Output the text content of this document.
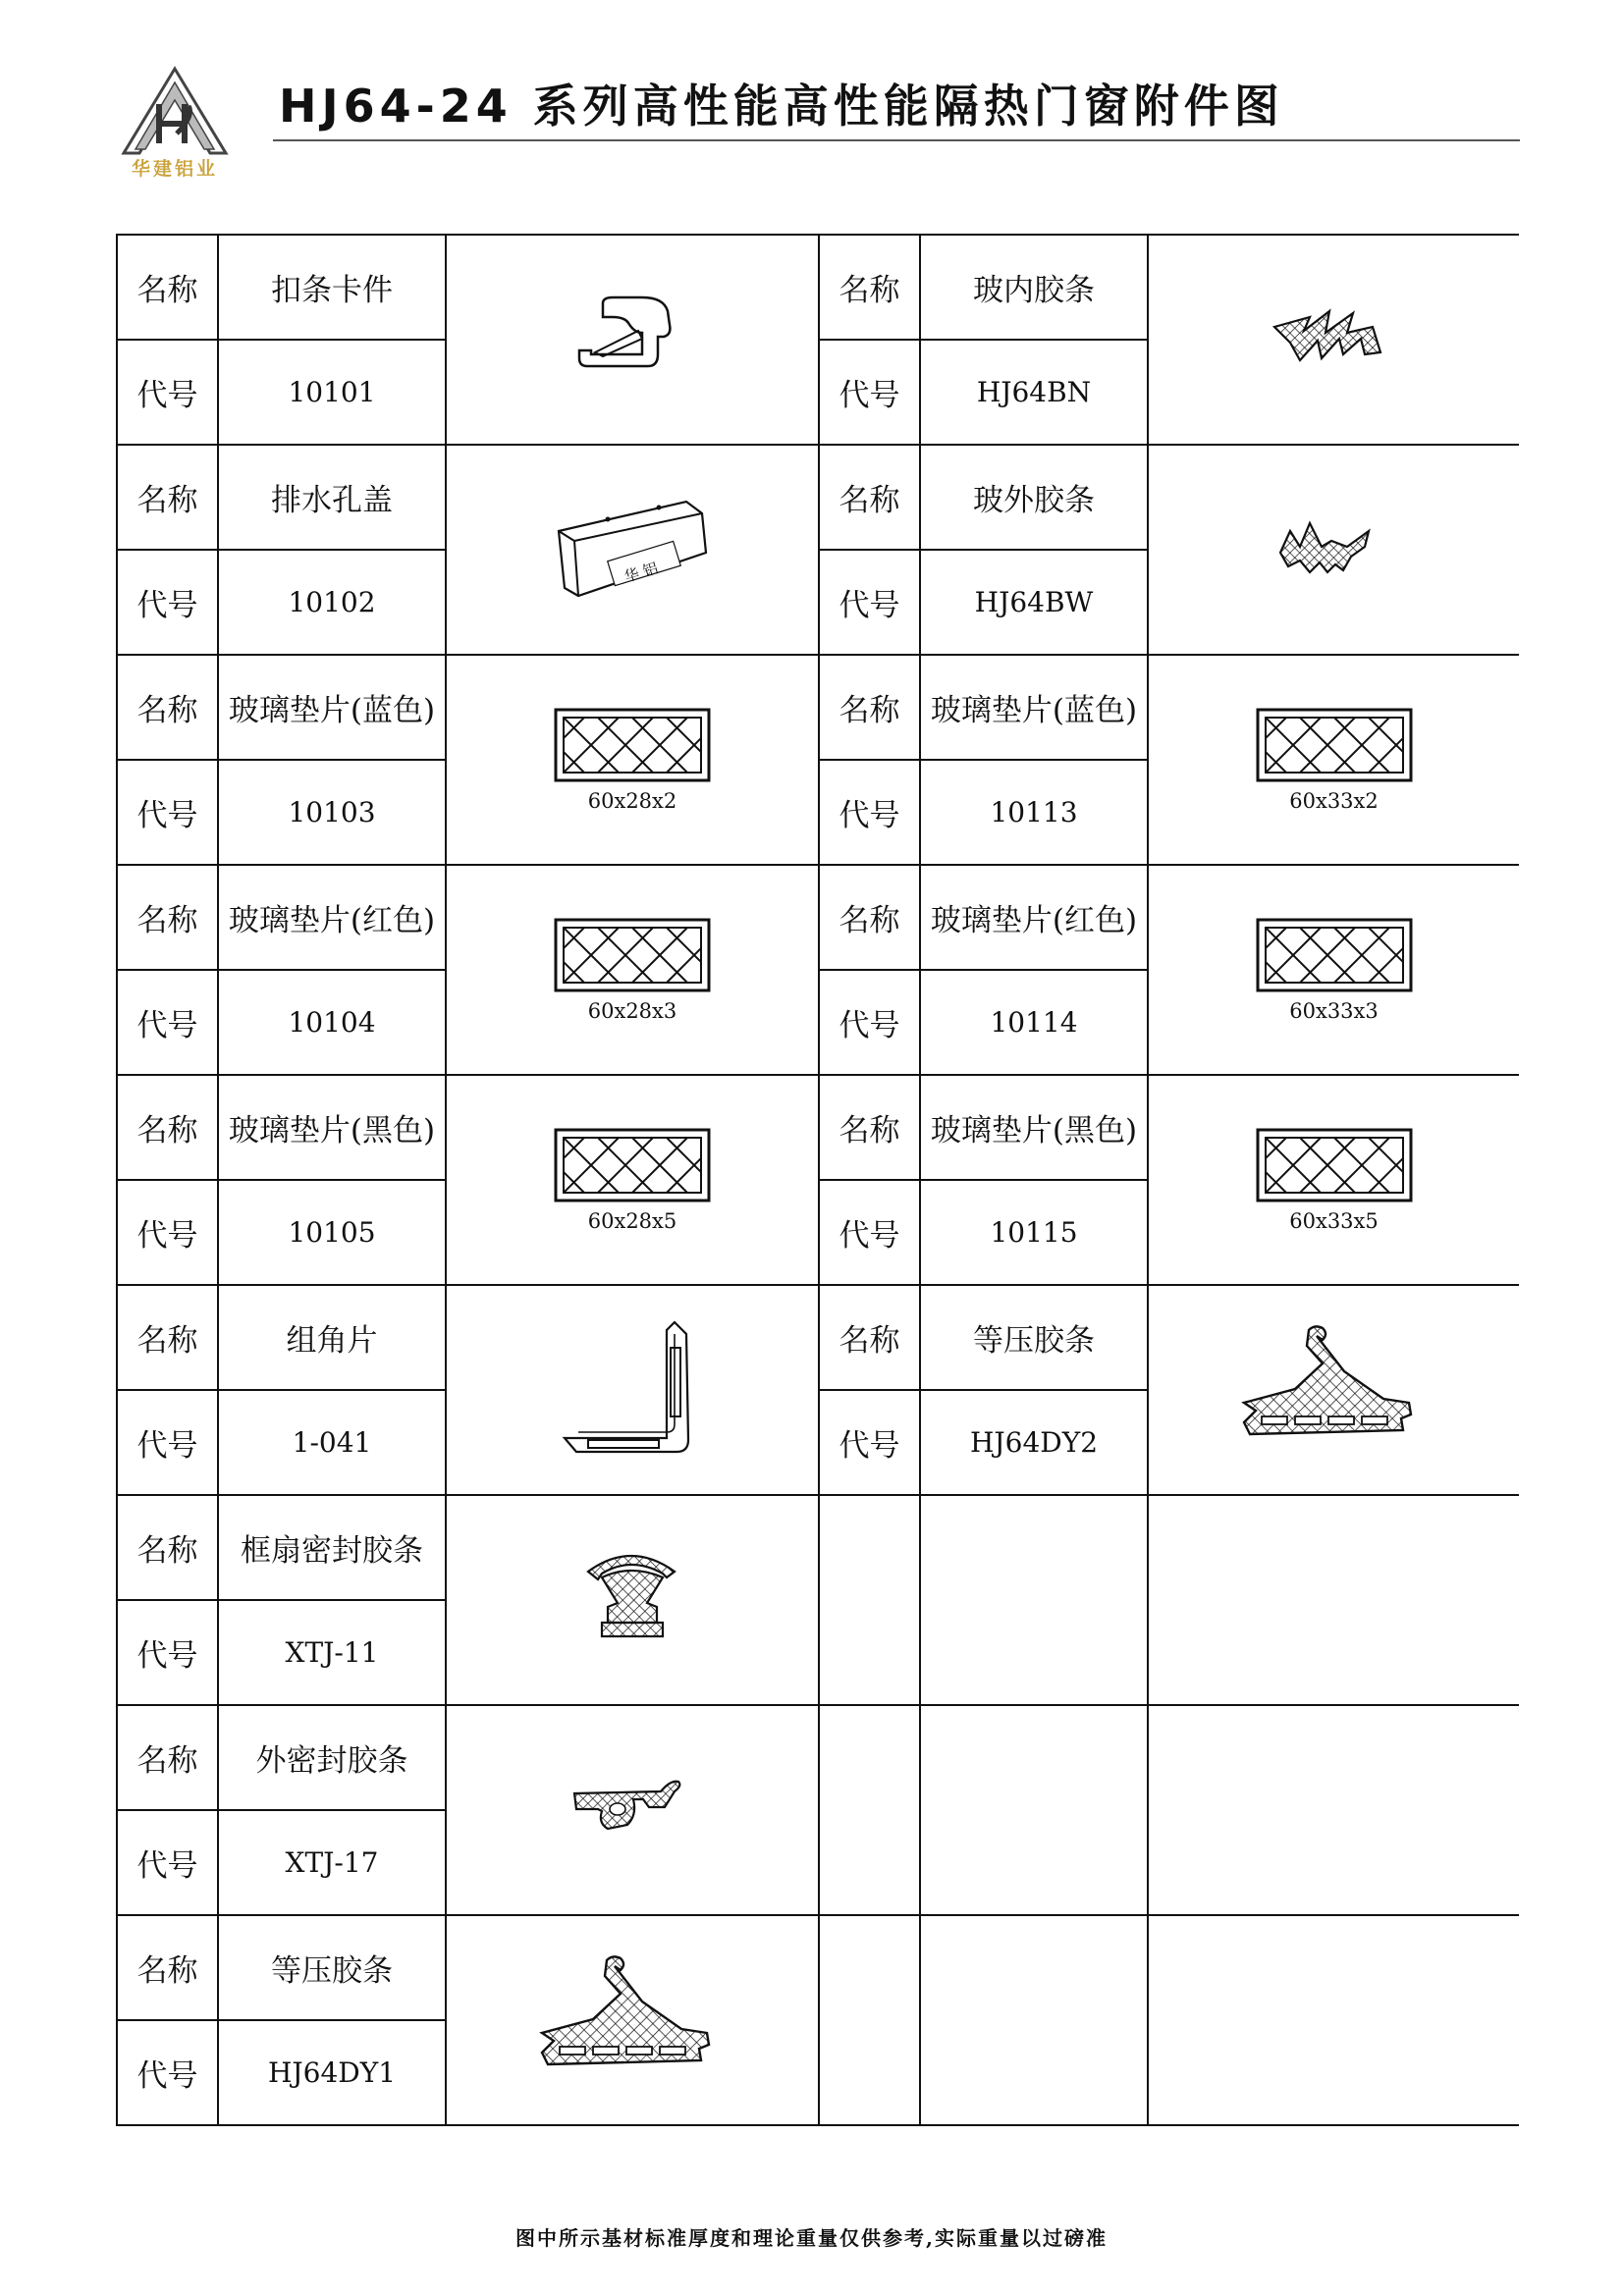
华建铝业
HJ64-24 系列高性能高性能隔热门窗附件图
名称	扣条卡件		名称	玻内胶条	
代号	10101		代号	HJ64BN	
名称	排水孔盖	华 铝	名称	玻外胶条	
代号	10102		代号	HJ64BW	
名称	玻璃垫片(蓝色)	60x28x2	名称	玻璃垫片(蓝色)	60x33x2

代号	10103		代号	10113	
名称	玻璃垫片(红色)	60x28x3	名称	玻璃垫片(红色)	60x33x3

代号	10104		代号	10114	
名称	玻璃垫片(黑色)	60x28x5	名称	玻璃垫片(黑色)	60x33x5

代号	10105		代号	10115	
名称	组角片		名称	等压胶条	
代号	1-041		代号	HJ64DY2	
名称	框扇密封胶条				
代号	XTJ-11				
名称	外密封胶条				
代号	XTJ-17				
名称	等压胶条				
代号	HJ64DY1				
图中所示基材标准厚度和理论重量仅供参考,实际重量以过磅准
